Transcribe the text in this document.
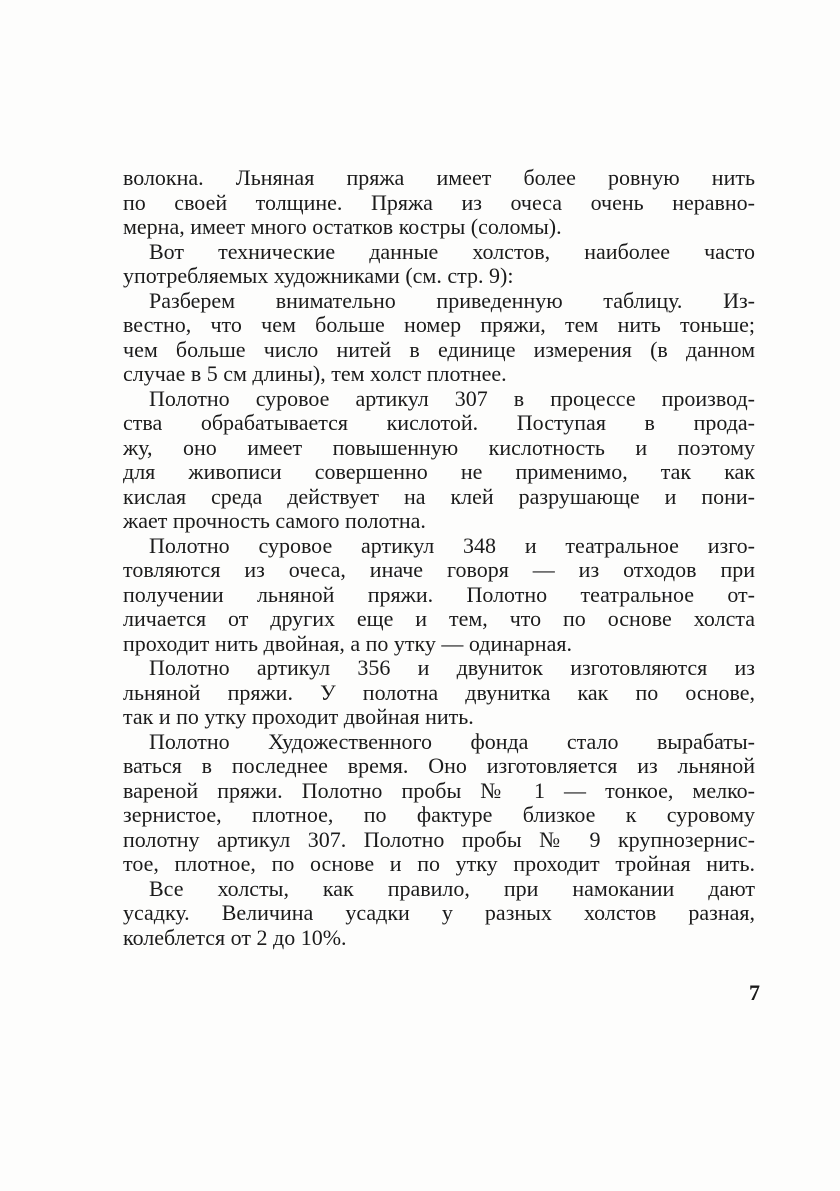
волокна. Льняная пряжа имеет более ровную нить
по своей толщине. Пряжа из очеса очень неравно-
мерна, имеет много остатков костры (соломы).

Вот технические данные холстов, наиболее часто
употребляемых художниками (см. стр. 9):

Разберем внимательно приведенную таблицу. Из-
вестно, что чем больше номер пряжи, тем нить тоньше;
чем больше число нитей в единице измерения (в данном
случае в 5 см длины), тем холст плотнее.

Полотно суровое артикул 307 в процессе производ-
ства обрабатывается кислотой. Поступая в прода-
жу, оно имеет повышенную кислотность и поэтому
для живописи совершенно не применимо, так как
кислая среда действует на клей разрушающе и пони-
жает прочность самого полотна.

Полотно суровое артикул 348 и театральное изго-
товляются из очеса, иначе говоря — из отходов при
получении льняной пряжи. Полотно театральное от-
личается от других еще и тем, что по основе холста
проходит нить двойная, а по утку — одинарная.

Полотно артикул 356 и двуниток изготовляются из
льняной пряжи. У полотна двунитка как по основе,
так и по утку проходит двойная нить.

Полотно Художественного фонда стало вырабаты-
ваться в последнее время. Оно изготовляется из льняной
вареной пряжи. Полотно пробы № 1 — тонкое, мелко-
зернистое, плотное, по фактуре близкое к суровому
полотну артикул 307. Полотно пробы № 9 крупнозернис-
тое, плотное, по основе и по утку проходит тройная нить.

Все холсты, как правило, при намокании дают
усадку. Величина усадки у разных холстов разная,
колеблется от 2 до 10%.

7
